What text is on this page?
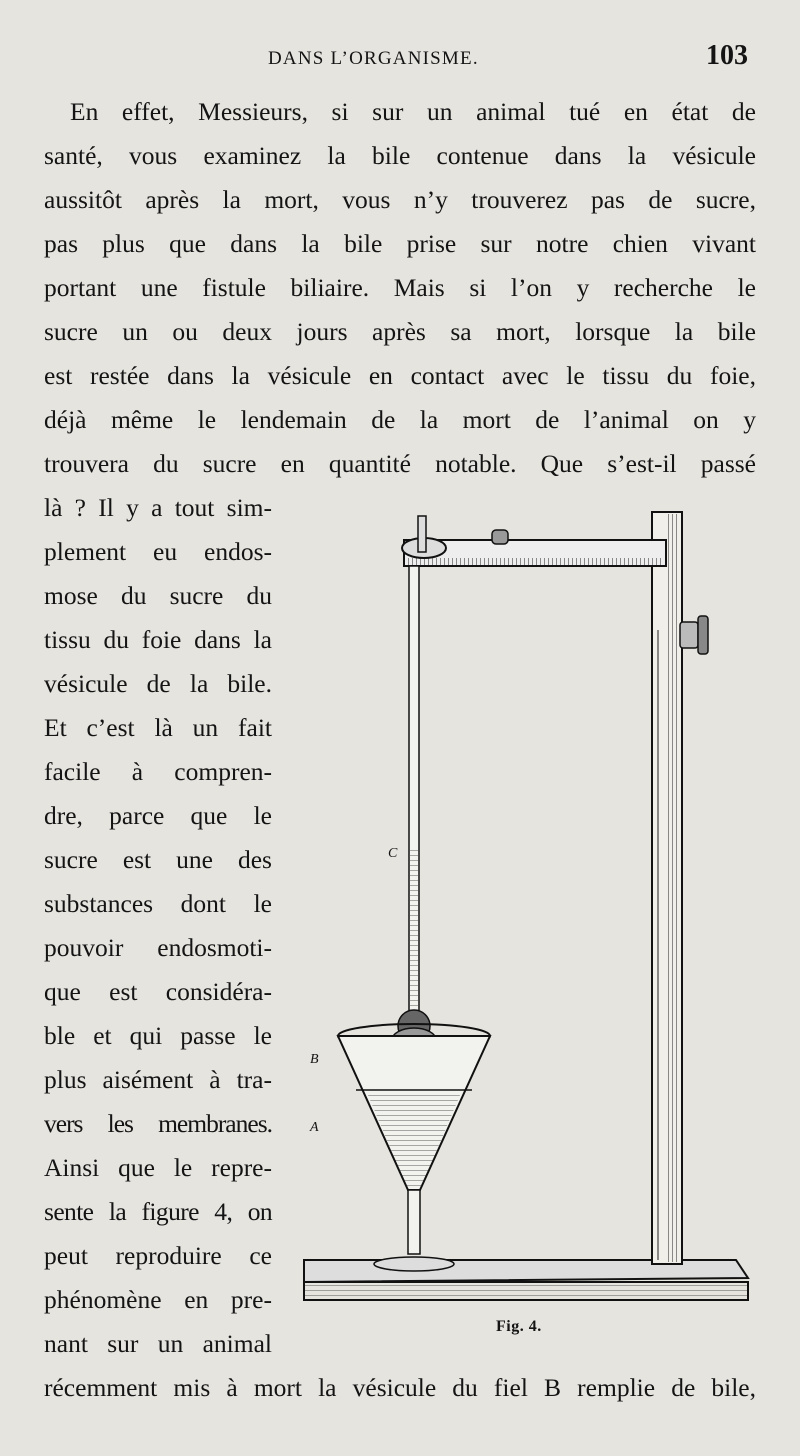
DANS L’ORGANISME.	103
En effet, Messieurs, si sur un animal tué en état de
santé, vous examinez la bile contenue dans la vésicule
aussitôt après la mort, vous n’y trouverez pas de sucre,
pas plus que dans la bile prise sur notre chien vivant
portant une fistule biliaire. Mais si l’on y recherche le
sucre un ou deux jours après sa mort, lorsque la bile
est restée dans la vésicule en contact avec le tissu du foie,
déjà même le lendemain de la mort de l’animal on y
trouvera du sucre en quantité notable. Que s’est-il passé
là ? Il y a tout sim-
plement eu endos-
mose du sucre du
tissu du foie dans la
vésicule de la bile.
Et c’est là un fait
facile à compren-
dre, parce que le
sucre est une des
substances dont le
pouvoir endosmoti-
que est considéra-
ble et qui passe le
plus aisément à tra-
vers les membranes.
Ainsi que le repre-
sente la figure 4, on
peut reproduire ce
phénomène en pre-
nant sur un animal
récemment mis à mort la vésicule du fiel B remplie de bile,
C
B
A
Fig. 4.
